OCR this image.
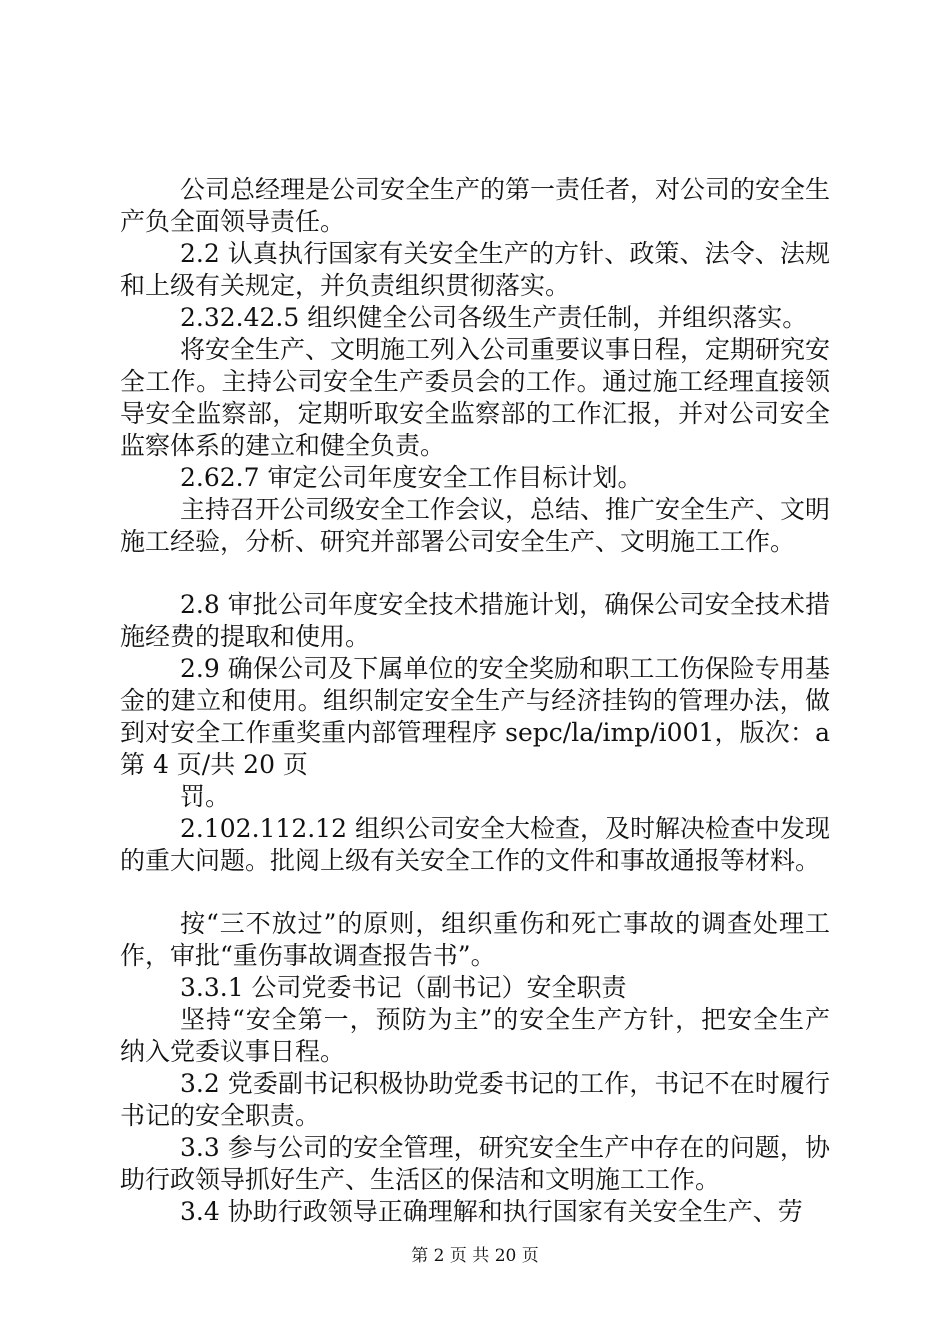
公司总经理是公司安全生产的第一责任者，对公司的安全生产负全面领导责任。

2.2 认真执行国家有关安全生产的方针、政策、法令、法规和上级有关规定，并负责组织贯彻落实。

2.32.42.5 组织健全公司各级生产责任制，并组织落实。

将安全生产、文明施工列入公司重要议事日程，定期研究安全工作。主持公司安全生产委员会的工作。通过施工经理直接领导安全监察部，定期听取安全监察部的工作汇报，并对公司安全监察体系的建立和健全负责。

2.62.7 审定公司年度安全工作目标计划。

主持召开公司级安全工作会议，总结、推广安全生产、文明施工经验，分析、研究并部署公司安全生产、文明施工工作。

2.8 审批公司年度安全技术措施计划，确保公司安全技术措施经费的提取和使用。

2.9 确保公司及下属单位的安全奖励和职工工伤保险专用基金的建立和使用。组织制定安全生产与经济挂钩的管理办法，做到对安全工作重奖重内部管理程序 sepc/la/imp/i001，版次：a 第 4 页/共 20 页

罚。

2.102.112.12 组织公司安全大检查，及时解决检查中发现的重大问题。批阅上级有关安全工作的文件和事故通报等材料。

按“三不放过”的原则，组织重伤和死亡事故的调查处理工作，审批“重伤事故调查报告书”。

3.3.1 公司党委书记（副书记）安全职责

坚持“安全第一，预防为主”的安全生产方针，把安全生产纳入党委议事日程。

3.2 党委副书记积极协助党委书记的工作，书记不在时履行书记的安全职责。

3.3 参与公司的安全管理，研究安全生产中存在的问题，协助行政领导抓好生产、生活区的保洁和文明施工工作。

3.4 协助行政领导正确理解和执行国家有关安全生产、劳

第 2 页 共 20 页
